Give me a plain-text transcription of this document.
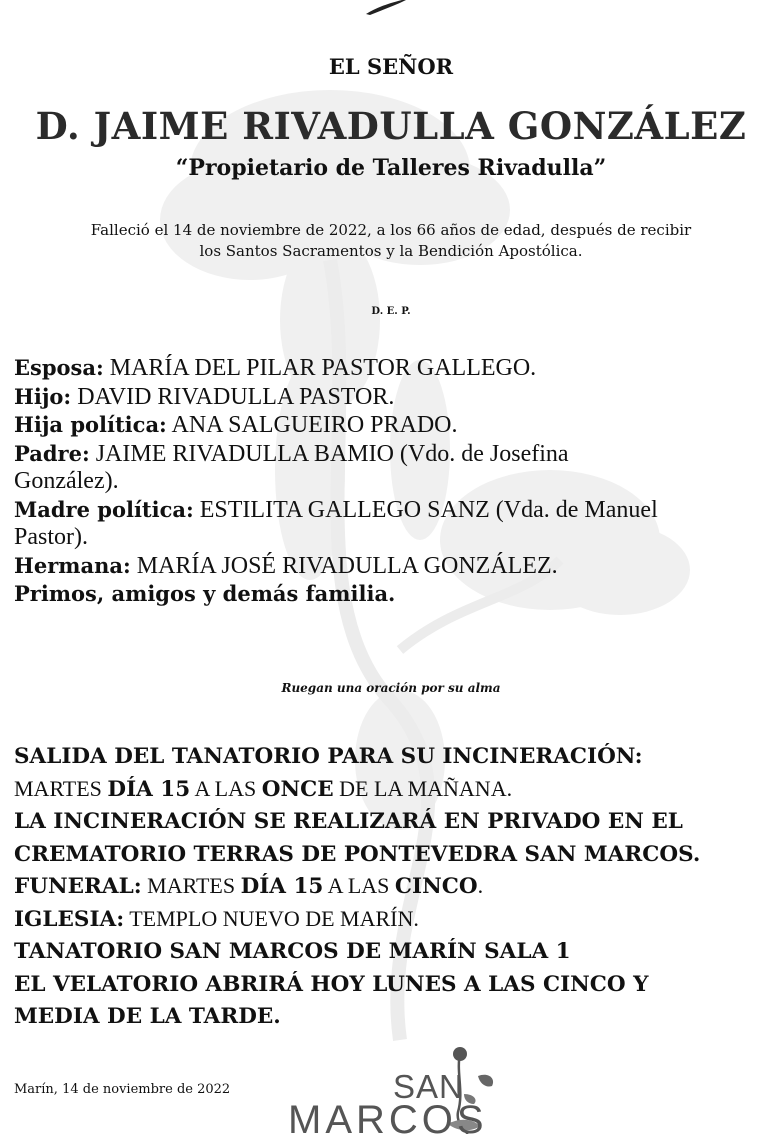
EL SEÑOR
D. JAIME RIVADULLA GONZÁLEZ
“Propietario de Talleres Rivadulla”
Falleció el 14 de noviembre de 2022, a los 66 años de edad, después de recibir
los Santos Sacramentos y la Bendición Apostólica.
D. E. P.
Esposa: MARÍA DEL PILAR PASTOR GALLEGO.
Hijo: DAVID RIVADULLA PASTOR.
Hija política: ANA SALGUEIRO PRADO.
Padre: JAIME RIVADULLA BAMIO (Vdo. de Josefina
González).
Madre política: ESTILITA GALLEGO SANZ (Vda. de Manuel
Pastor).
Hermana: MARÍA JOSÉ RIVADULLA GONZÁLEZ.
Primos, amigos y demás familia.
Ruegan una oración por su alma
SALIDA DEL TANATORIO PARA SU INCINERACIÓN:
MARTES DÍA 15 A LAS ONCE DE LA MAÑANA.
LA INCINERACIÓN SE REALIZARÁ EN PRIVADO EN EL
CREMATORIO TERRAS DE PONTEVEDRA SAN MARCOS.
FUNERAL: MARTES DÍA 15 A LAS CINCO.
IGLESIA: TEMPLO NUEVO DE MARÍN.
TANATORIO SAN MARCOS DE MARÍN SALA 1
EL VELATORIO ABRIRÁ HOY LUNES A LAS CINCO Y
MEDIA DE LA TARDE.
Marín, 14 de noviembre de 2022	SAN
MARCOS
